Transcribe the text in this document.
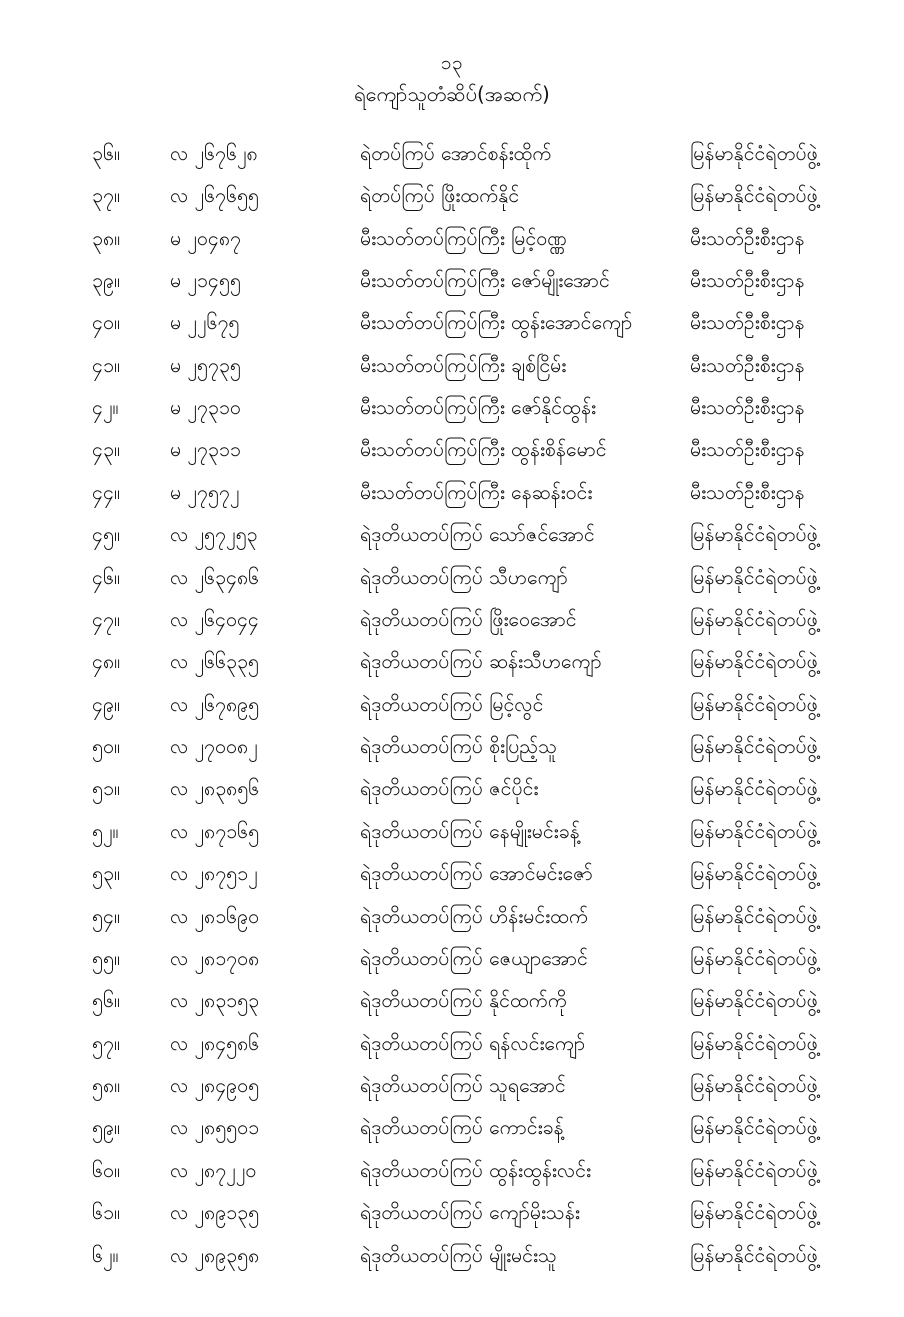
၁၃
ရဲကျော်သူတံဆိပ်(အဆက်)
၃၆။	လ ၂၆၇၆၂၈	ရဲတပ်ကြပ် အောင်စန်းထိုက်	မြန်မာနိုင်ငံရဲတပ်ဖွဲ့
၃၇။	လ ၂၆၇၆၅၅	ရဲတပ်ကြပ် ဖြိုးထက်နိုင်	မြန်မာနိုင်ငံရဲတပ်ဖွဲ့
၃၈။	မ ၂၀၄၈၇	မီးသတ်တပ်ကြပ်ကြီး မြင့်ဝဏ္ဏ	မီးသတ်ဦးစီးဌာန
၃၉။	မ ၂၁၄၅၅	မီးသတ်တပ်ကြပ်ကြီး ဇော်မျိုးအောင်	မီးသတ်ဦးစီးဌာန
၄၀။	မ ၂၂၆၇၅	မီးသတ်တပ်ကြပ်ကြီး ထွန်းအောင်ကျော်	မီးသတ်ဦးစီးဌာန
၄၁။	မ ၂၅၇၃၅	မီးသတ်တပ်ကြပ်ကြီး ချစ်ငြိမ်း	မီးသတ်ဦးစီးဌာန
၄၂။	မ ၂၇၃၁၀	မီးသတ်တပ်ကြပ်ကြီး ဇော်နိုင်ထွန်း	မီးသတ်ဦးစီးဌာန
၄၃။	မ ၂၇၃၁၁	မီးသတ်တပ်ကြပ်ကြီး ထွန်းစိန်မောင်	မီးသတ်ဦးစီးဌာန
၄၄။	မ ၂၇၅၇၂	မီးသတ်တပ်ကြပ်ကြီး နေဆန်းဝင်း	မီးသတ်ဦးစီးဌာန
၄၅။	လ ၂၅၇၂၅၃	ရဲဒုတိယတပ်ကြပ် သော်ဇင်အောင်	မြန်မာနိုင်ငံရဲတပ်ဖွဲ့
၄၆။	လ ၂၆၃၄၈၆	ရဲဒုတိယတပ်ကြပ် သီဟကျော်	မြန်မာနိုင်ငံရဲတပ်ဖွဲ့
၄၇။	လ ၂၆၄၀၄၄	ရဲဒုတိယတပ်ကြပ် ဖြိုးဝေအောင်	မြန်မာနိုင်ငံရဲတပ်ဖွဲ့
၄၈။	လ ၂၆၆၃၃၅	ရဲဒုတိယတပ်ကြပ် ဆန်းသီဟကျော်	မြန်မာနိုင်ငံရဲတပ်ဖွဲ့
၄၉။	လ ၂၆၇၈၉၅	ရဲဒုတိယတပ်ကြပ် မြင့်လွင်	မြန်မာနိုင်ငံရဲတပ်ဖွဲ့
၅၀။	လ ၂၇၀၀၈၂	ရဲဒုတိယတပ်ကြပ် စိုးပြည့်သူ	မြန်မာနိုင်ငံရဲတပ်ဖွဲ့
၅၁။	လ ၂၈၃၈၅၆	ရဲဒုတိယတပ်ကြပ် ဇင်ပိုင်း	မြန်မာနိုင်ငံရဲတပ်ဖွဲ့
၅၂။	လ ၂၈၇၁၆၅	ရဲဒုတိယတပ်ကြပ် နေမျိုးမင်းခန့်	မြန်မာနိုင်ငံရဲတပ်ဖွဲ့
၅၃။	လ ၂၈၇၅၁၂	ရဲဒုတိယတပ်ကြပ် အောင်မင်းဇော်	မြန်မာနိုင်ငံရဲတပ်ဖွဲ့
၅၄။	လ ၂၈၁၆၉၀	ရဲဒုတိယတပ်ကြပ် ဟိန်းမင်းထက်	မြန်မာနိုင်ငံရဲတပ်ဖွဲ့
၅၅။	လ ၂၈၁၇၀၈	ရဲဒုတိယတပ်ကြပ် ဇေယျာအောင်	မြန်မာနိုင်ငံရဲတပ်ဖွဲ့
၅၆။	လ ၂၈၃၁၅၃	ရဲဒုတိယတပ်ကြပ် နိုင်ထက်ကို	မြန်မာနိုင်ငံရဲတပ်ဖွဲ့
၅၇။	လ ၂၈၄၅၈၆	ရဲဒုတိယတပ်ကြပ် ရန်လင်းကျော်	မြန်မာနိုင်ငံရဲတပ်ဖွဲ့
၅၈။	လ ၂၈၄၉၀၅	ရဲဒုတိယတပ်ကြပ် သူရအောင်	မြန်မာနိုင်ငံရဲတပ်ဖွဲ့
၅၉။	လ ၂၈၅၅၀၁	ရဲဒုတိယတပ်ကြပ် ကောင်းခန့်	မြန်မာနိုင်ငံရဲတပ်ဖွဲ့
၆၀။	လ ၂၈၇၂၂၀	ရဲဒုတိယတပ်ကြပ် ထွန်းထွန်းလင်း	မြန်မာနိုင်ငံရဲတပ်ဖွဲ့
၆၁။	လ ၂၈၉၁၃၅	ရဲဒုတိယတပ်ကြပ် ကျော်မိုးသန်း	မြန်မာနိုင်ငံရဲတပ်ဖွဲ့
၆၂။	လ ၂၈၉၃၅၈	ရဲဒုတိယတပ်ကြပ် မျိုးမင်းသူ	မြန်မာနိုင်ငံရဲတပ်ဖွဲ့
